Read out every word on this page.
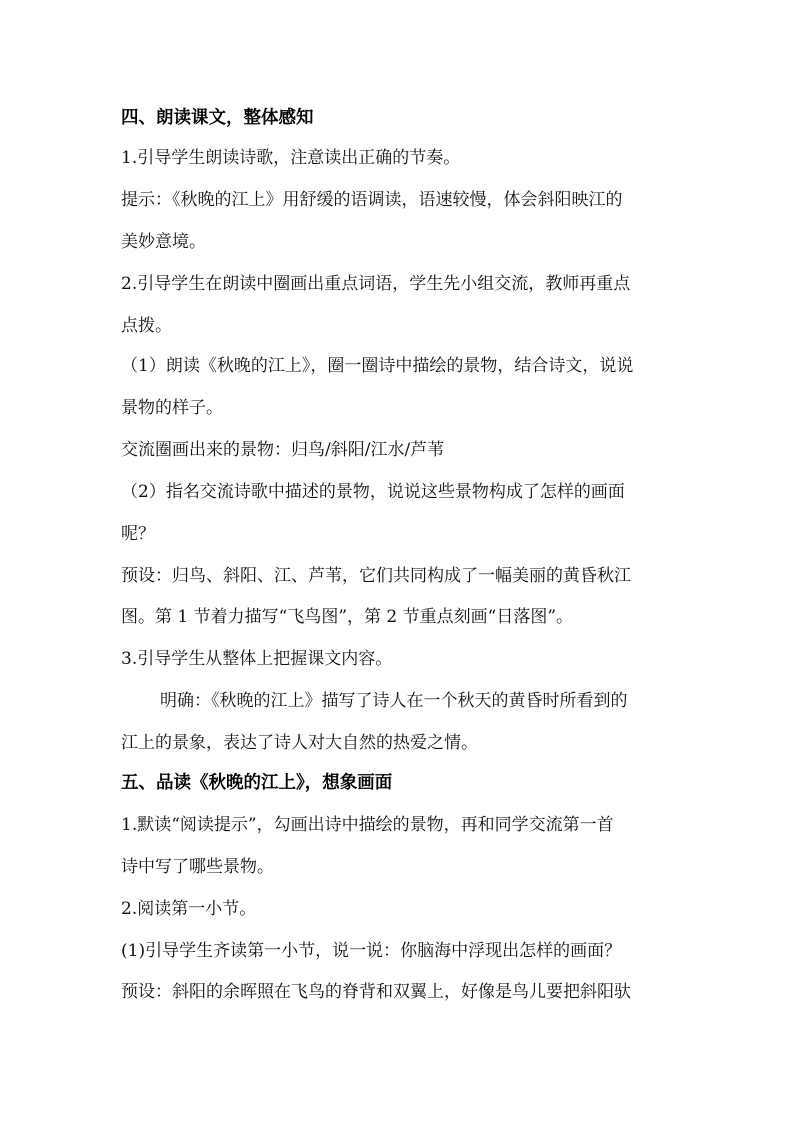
四、朗读课文，整体感知
1.引导学生朗读诗歌，注意读出正确的节奏。
提示：《秋晚的江上》用舒缓的语调读，语速较慢，体会斜阳映江的
美妙意境。
2.引导学生在朗读中圈画出重点词语，学生先小组交流，教师再重点
点拨。
（1）朗读《秋晚的江上》，圈一圈诗中描绘的景物，结合诗文，说说
景物的样子。
交流圈画出来的景物：归鸟/斜阳/江水/芦苇
（2）指名交流诗歌中描述的景物，说说这些景物构成了怎样的画面
呢？
预设：归鸟、斜阳、江、芦苇，它们共同构成了一幅美丽的黄昏秋江
图。第 1 节着力描写“飞鸟图”，第 2 节重点刻画“日落图”。
3.引导学生从整体上把握课文内容。
明确：《秋晚的江上》描写了诗人在一个秋天的黄昏时所看到的
江上的景象，表达了诗人对大自然的热爱之情。
五、品读《秋晚的江上》，想象画面
1.默读“阅读提示”，勾画出诗中描绘的景物，再和同学交流第一首
诗中写了哪些景物。
2.阅读第一小节。
(1)引导学生齐读第一小节，说一说：你脑海中浮现出怎样的画面？
预设：斜阳的余晖照在飞鸟的脊背和双翼上，好像是鸟儿要把斜阳驮
